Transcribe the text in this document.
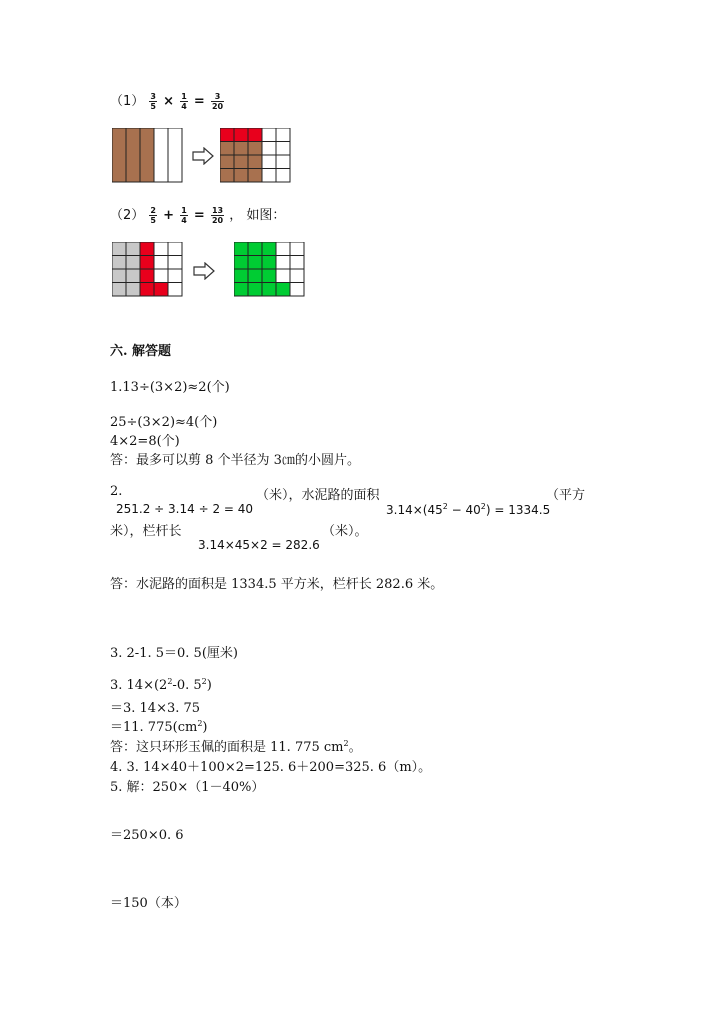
$(1) \frac{3}{5} \times \frac{1}{4} = \frac{3}{20}$
$(2) \frac{2}{5} + \frac{1}{4} = \frac{13}{20}$ ， 如图：
六. 解答题
1.13÷(3×2)≈2(个)
25÷(3×2)≈4(个)
4×2=8(个)
答：最多可以剪 8 个半径为 3㎝的小圆片。
2.	（米），水泥路的面积	（平方
251.2 ÷ 3.14 ÷ 2 = 40	$3.14\times(45^2 - 40^2) = 1334.5$
米），栏杆长	（米）。
3.14×45×2 = 282.6
答：水泥路的面积是 1334.5 平方米，栏杆长 282.6 米。
3. 2-1. 5＝0. 5(厘米)
3. $14\times(2^2-0$. $5^2$)
＝3. 14×3. 75
＝11. $775(cm^2)$
答：这只环形玉佩的面积是 11. 775 $cm^2$。
4. 3. 14×40＋100×2=125. 6＋200=325. 6（m）。
5. 解：250×（1－40%）
＝250×0. 6
＝150（本）
